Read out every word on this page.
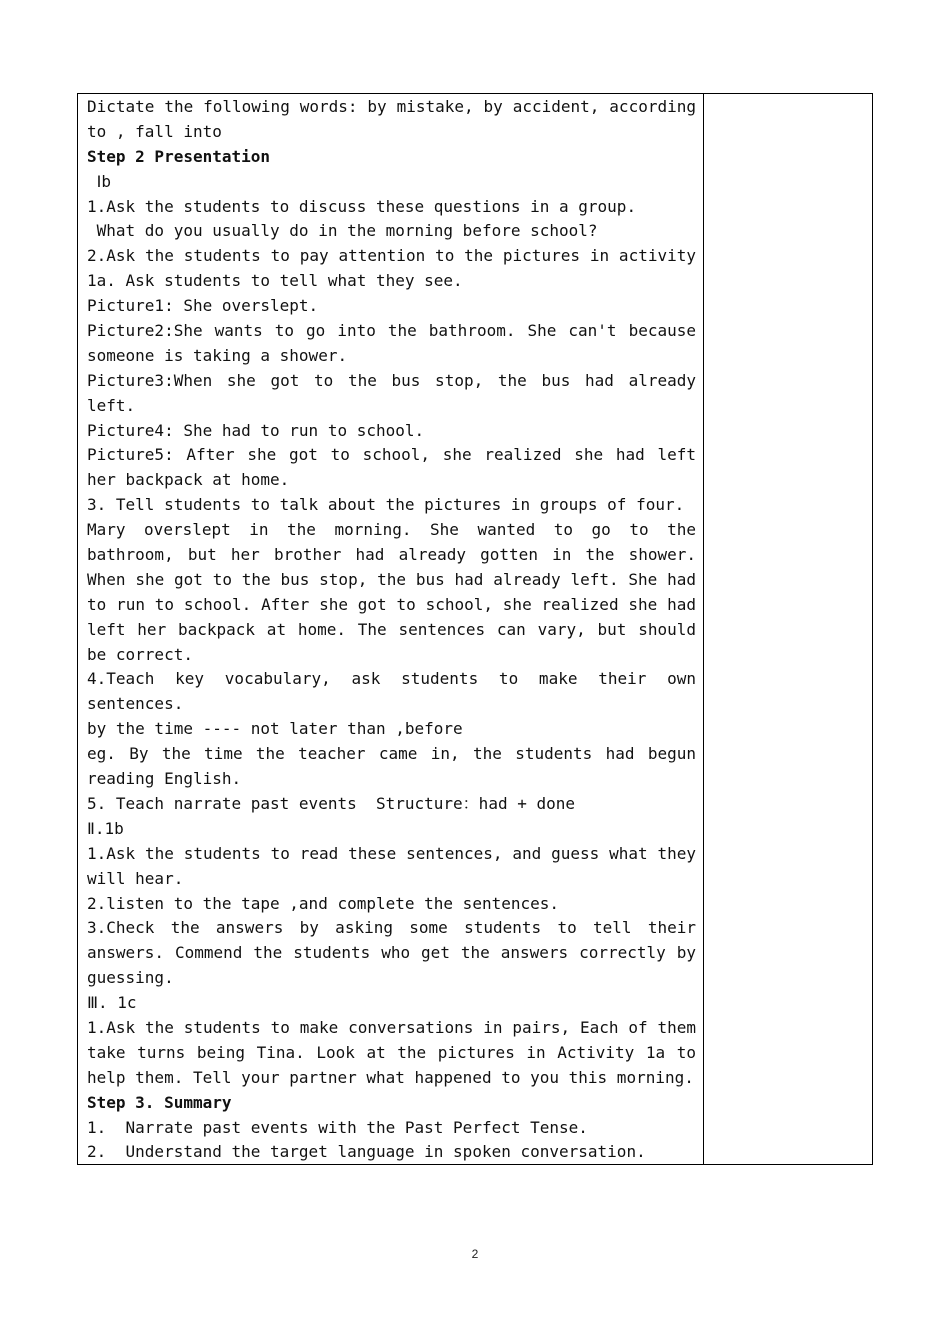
Dictate the following words: by mistake, by accident, according
to , fall into
Step 2 Presentation
Ⅰb
1.Ask the students to discuss these questions in a group.
What do you usually do in the morning before school?
2.Ask the students to pay attention to the pictures in activity
1a. Ask students to tell what they see.
Picture1: She overslept.
Picture2:She wants to go into the bathroom. She can't because
someone is taking a shower.
Picture3:When she got to the bus stop, the bus had already
left.
Picture4: She had to run to school.
Picture5: After she got to school, she realized she had left
her backpack at home.
3. Tell students to talk about the pictures in groups of four.
Mary overslept in the morning. She wanted to go to the
bathroom, but her brother had already gotten in the shower.
When she got to the bus stop, the bus had already left. She had
to run to school. After she got to school, she realized she had
left her backpack at home. The sentences can vary, but should
be correct.
4.Teach key vocabulary, ask students to make their own
sentences.
by the time ---- not later than ,before
eg. By the time the teacher came in, the students had begun
reading English.
5. Teach narrate past events  Structure：had + done
Ⅱ.1b
1.Ask the students to read these sentences, and guess what they
will hear.
2.listen to the tape ,and complete the sentences.
3.Check the answers by asking some students to tell their
answers. Commend the students who get the answers correctly by
guessing.
Ⅲ. 1c
1.Ask the students to make conversations in pairs, Each of them
take turns being Tina. Look at the pictures in Activity 1a to
help them. Tell your partner what happened to you this morning.
Step 3. Summary
1.  Narrate past events with the Past Perfect Tense.
2.  Understand the target language in spoken conversation.
2
